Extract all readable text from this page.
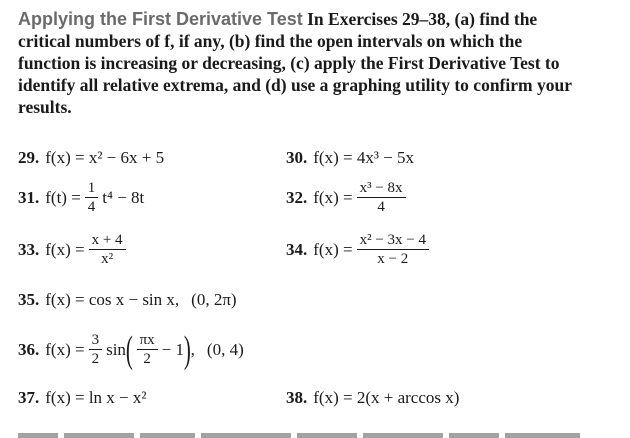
Applying the First Derivative Test In Exercises 29–38, (a) find the critical numbers of f, if any, (b) find the open intervals on which the function is increasing or decreasing, (c) apply the First Derivative Test to identify all relative extrema, and (d) use a graphing utility to confirm your results.
29. f(x) = x² − 6x + 5	30. f(x) = 4x³ − 5x
31. $f(t) = \frac{1}{4} t^4 - 8t$	32. $f(x) = \frac{\text{x³ − 8x}}{4}$
33. $f(x) = \frac{x + 4}{\text{x²}}$	34. $f(x) = \frac{\text{x² − 3x − 4}}{x - 2}$
35. f(x) = cos x − sin x, (0, 2π)
36. $f(x) = \frac{3}{2}$ sin ( $\frac{\pi x}{2} - 1$ ) , (0, 4)
37. f(x) = ln x − x²	38. f(x) = 2(x + arccos x)
